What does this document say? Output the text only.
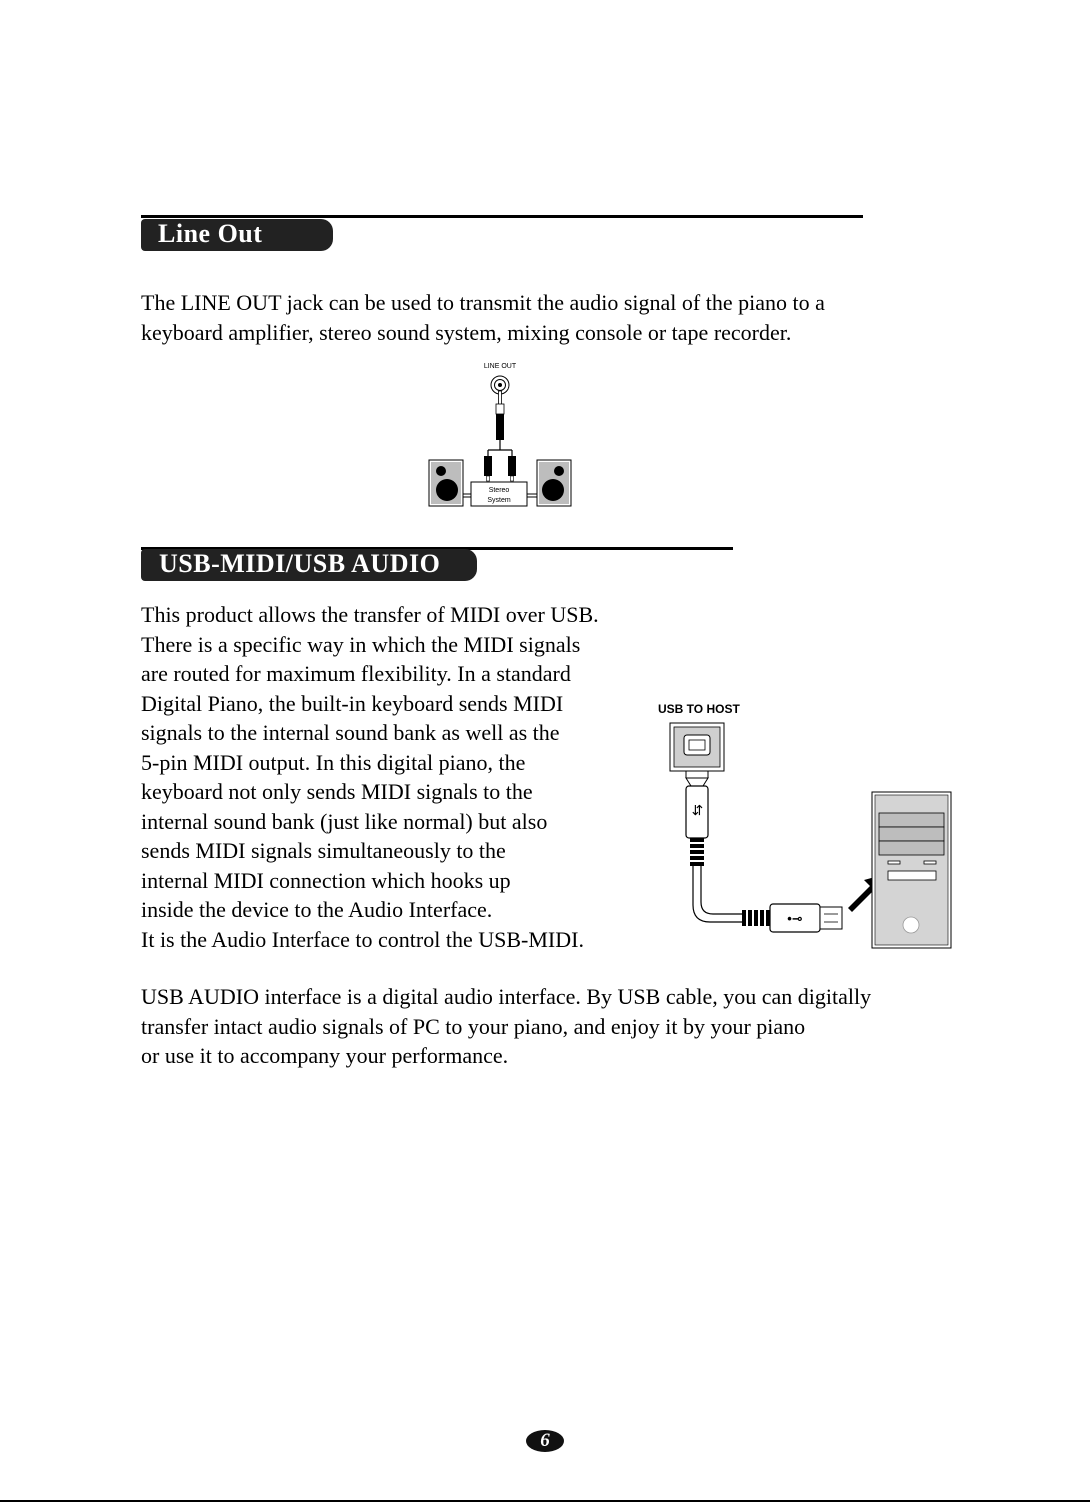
Line Out
The LINE OUT jack can be used to transmit the audio signal of the piano to a
keyboard amplifier, stereo sound system, mixing console or tape recorder.
LINE OUT
Stereo
System
USB-MIDI/USB AUDIO
This product allows the transfer of MIDI over USB.
There is a specific way in which the MIDI signals
are routed for maximum flexibility. In a standard
Digital Piano, the built-in keyboard sends MIDI
signals to the internal sound bank as well as the
5-pin MIDI output. In this digital piano, the
keyboard not only sends MIDI signals to the
internal sound bank (just like normal) but also
sends MIDI signals simultaneously to the
internal MIDI connection which hooks up
inside the device to the Audio Interface.
It is the Audio Interface to control the USB-MIDI.
USB TO HOST
⇆
•⊸
USB AUDIO interface is a digital audio interface. By USB cable, you can digitally
transfer intact audio signals of PC to your piano, and enjoy it by your piano
or use it to accompany your performance.
6
